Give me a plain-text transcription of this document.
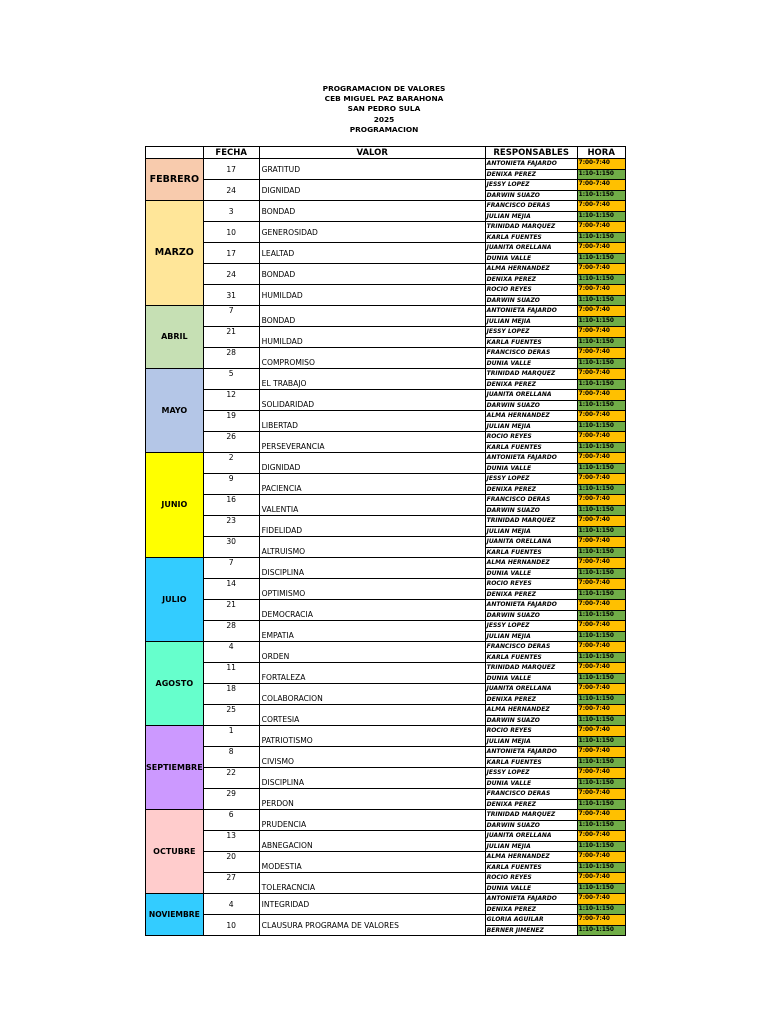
PROGRAMACION DE VALORES
CEB MIGUEL PAZ BARAHONA
SAN PEDRO SULA
2025
PROGRAMACION
	FECHA	VALOR	RESPONSABLES	HORA
FEBRERO	17	GRATITUD	ANTONIETA FAJARDO	7:00-7:40
			DENIXA PEREZ	1:10-1:150
	24	DIGNIDAD	JESSY LOPEZ	7:00-7:40
			DARWIN SUAZO	1:10-1:150
MARZO	3	BONDAD	FRANCISCO DERAS	7:00-7:40
			JULIAN MEJIA	1:10-1:150
	10	GENEROSIDAD	TRINIDAD MARQUEZ	7:00-7:40
			KARLA FUENTES	1:10-1:150
	17	LEALTAD	JUANITA ORELLANA	7:00-7:40
			DUNIA VALLE	1:10-1:150
	24	BONDAD	ALMA HERNANDEZ	7:00-7:40
			DENIXA PEREZ	1:10-1:150
	31	HUMILDAD	ROCIO REYES	7:00-7:40
			DARWIN SUAZO	1:10-1:150
ABRIL	7	BONDAD	ANTONIETA FAJARDO	7:00-7:40
			JULIAN MEJIA	1:10-1:150
	21	HUMILDAD	JESSY LOPEZ	7:00-7:40
			KARLA FUENTES	1:10-1:150
	28	COMPROMISO	FRANCISCO DERAS	7:00-7:40
			DUNIA VALLE	1:10-1:150
MAYO	5	EL TRABAJO	TRINIDAD MARQUEZ	7:00-7:40
			DENIXA PEREZ	1:10-1:150
	12	SOLIDARIDAD	JUANITA ORELLANA	7:00-7:40
			DARWIN SUAZO	1:10-1:150
	19	LIBERTAD	ALMA HERNANDEZ	7:00-7:40
			JULIAN MEJIA	1:10-1:150
	26	PERSEVERANCIA	ROCIO REYES	7:00-7:40
			KARLA FUENTES	1:10-1:150
JUNIO	2	DIGNIDAD	ANTONIETA FAJARDO	7:00-7:40
			DUNIA VALLE	1:10-1:150
	9	PACIENCIA	JESSY LOPEZ	7:00-7:40
			DENIXA PEREZ	1:10-1:150
	16	VALENTIA	FRANCISCO DERAS	7:00-7:40
			DARWIN SUAZO	1:10-1:150
	23	FIDELIDAD	TRINIDAD MARQUEZ	7:00-7:40
			JULIAN MEJIA	1:10-1:150
	30	ALTRUISMO	JUANITA ORELLANA	7:00-7:40
			KARLA FUENTES	1:10-1:150
JULIO	7	DISCIPLINA	ALMA HERNANDEZ	7:00-7:40
			DUNIA VALLE	1:10-1:150
	14	OPTIMISMO	ROCIO REYES	7:00-7:40
			DENIXA PEREZ	1:10-1:150
	21	DEMOCRACIA	ANTONIETA FAJARDO	7:00-7:40
			DARWIN SUAZO	1:10-1:150
	28	EMPATIA	JESSY LOPEZ	7:00-7:40
			JULIAN MEJIA	1:10-1:150
AGOSTO	4	ORDEN	FRANCISCO DERAS	7:00-7:40
			KARLA FUENTES	1:10-1:150
	11	FORTALEZA	TRINIDAD MARQUEZ	7:00-7:40
			DUNIA VALLE	1:10-1:150
	18	COLABORACION	JUANITA ORELLANA	7:00-7:40
			DENIXA PEREZ	1:10-1:150
	25	CORTESIA	ALMA HERNANDEZ	7:00-7:40
			DARWIN SUAZO	1:10-1:150
SEPTIEMBRE	1	PATRIOTISMO	ROCIO REYES	7:00-7:40
			JULIAN MEJIA	1:10-1:150
	8	CIVISMO	ANTONIETA FAJARDO	7:00-7:40
			KARLA FUENTES	1:10-1:150
	22	DISCIPLINA	JESSY LOPEZ	7:00-7:40
			DUNIA VALLE	1:10-1:150
	29	PERDON	FRANCISCO DERAS	7:00-7:40
			DENIXA PEREZ	1:10-1:150
OCTUBRE	6	PRUDENCIA	TRINIDAD MARQUEZ	7:00-7:40
			DARWIN SUAZO	1:10-1:150
	13	ABNEGACION	JUANITA ORELLANA	7:00-7:40
			JULIAN MEJIA	1:10-1:150
	20	MODESTIA	ALMA HERNANDEZ	7:00-7:40
			KARLA FUENTES	1:10-1:150
	27	TOLERACNCIA	ROCIO REYES	7:00-7:40
			DUNIA VALLE	1:10-1:150
NOVIEMBRE	4	INTEGRIDAD	ANTONIETA FAJARDO	7:00-7:40
			DENIXA PEREZ	1:10-1:150
	10	CLAUSURA PROGRAMA DE VALORES	GLORIA AGUILAR	7:00-7:40
			BERNER JIMENEZ	1:10-1:150
